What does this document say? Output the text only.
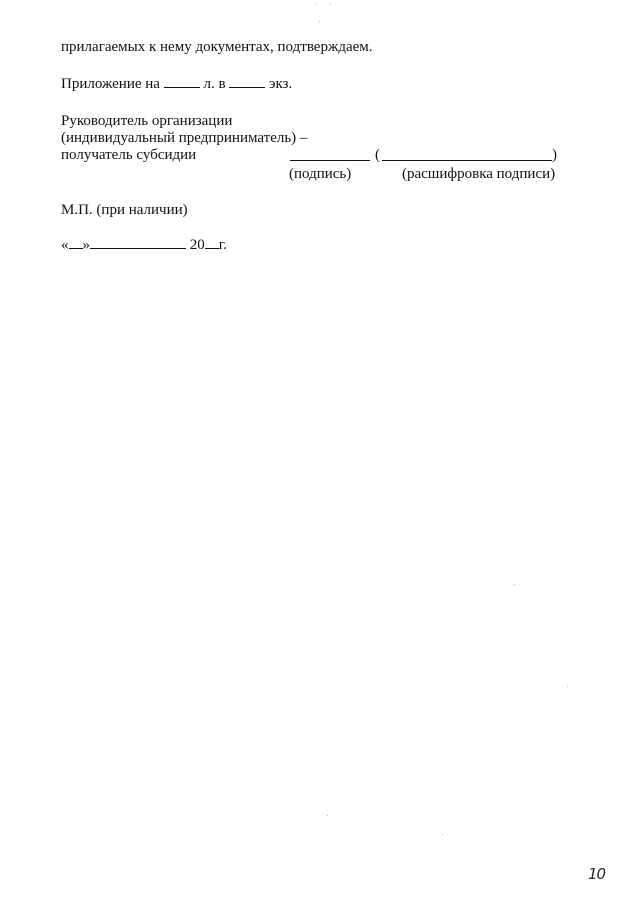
прилагаемых к нему документах, подтверждаем.
Приложение на	л. в	экз.
Руководитель организации
(индивидуальный предприниматель) –
получатель субсидии	(	)
(подпись)	(расшифровка подписи)
М.П. (при наличии)
« »	20 г.
10
